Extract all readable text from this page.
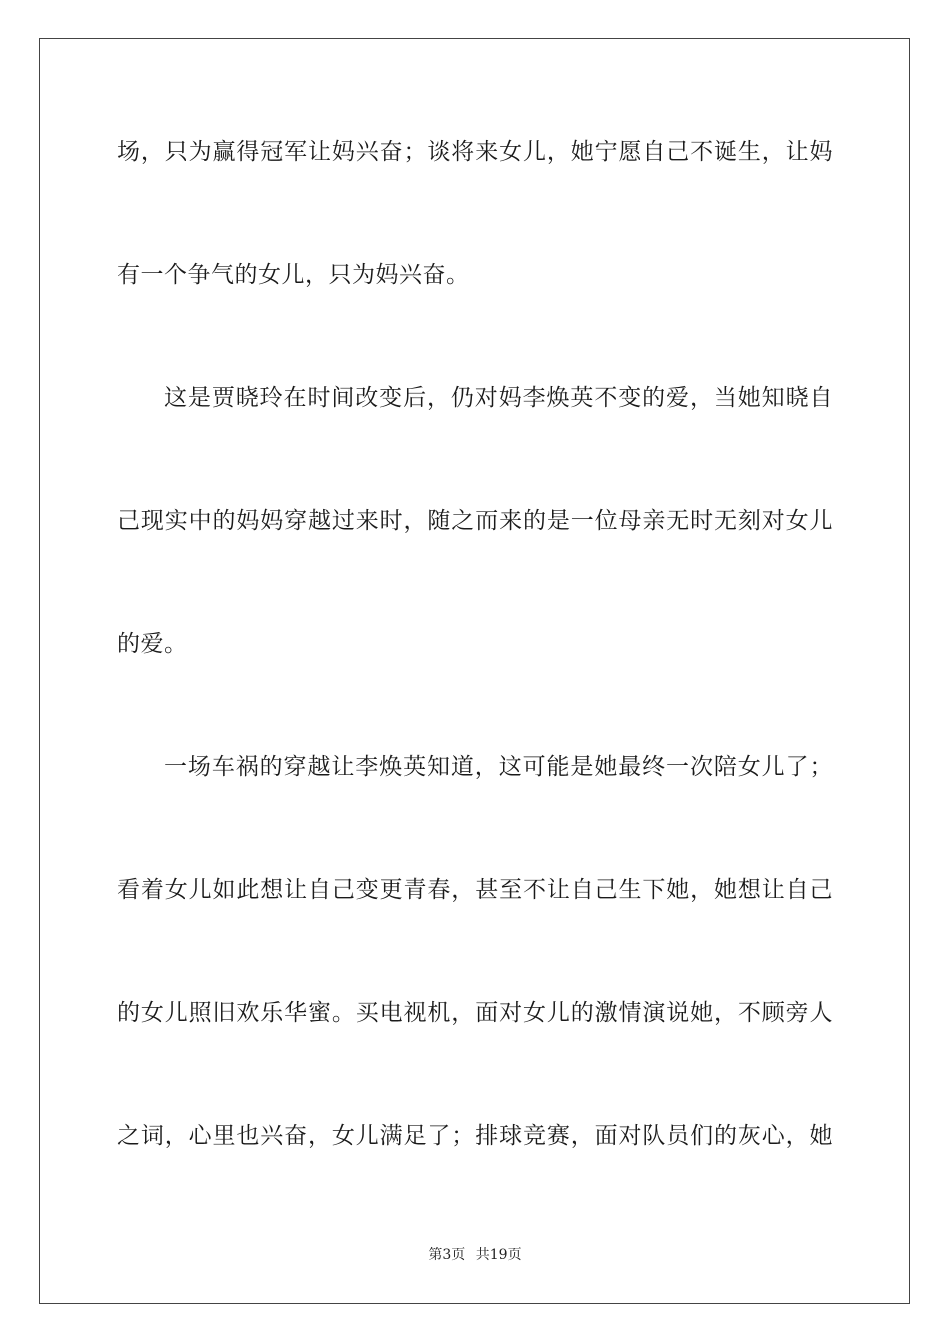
场，只为赢得冠军让妈兴奋；谈将来女儿，她宁愿自己不诞生，让妈
有一个争气的女儿，只为妈兴奋。
这是贾晓玲在时间改变后，仍对妈李焕英不变的爱，当她知晓自
己现实中的妈妈穿越过来时，随之而来的是一位母亲无时无刻对女儿
的爱。
一场车祸的穿越让李焕英知道，这可能是她最终一次陪女儿了；
看着女儿如此想让自己变更青春，甚至不让自己生下她，她想让自己
的女儿照旧欢乐华蜜。买电视机，面对女儿的激情演说她，不顾旁人
之词，心里也兴奋，女儿满足了；排球竞赛，面对队员们的灰心，她
第3页 共19页
